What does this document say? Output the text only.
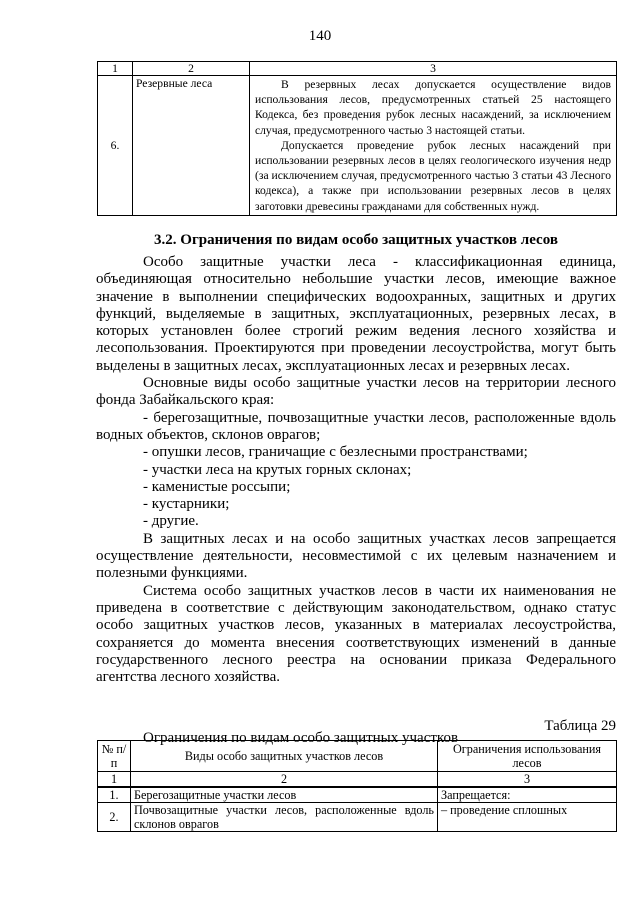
140
1	2	3
6.	Резервные леса	В резервных лесах допускается осуществление видов использования лесов, предусмотренных статьей 25 настоящего Кодекса, без проведения рубок лесных насаждений, за исключением случая, предусмотренного частью 3 настоящей статьи.

Допускается проведение рубок лесных насаждений при использовании резервных лесов в целях геологического изучения недр (за исключением случая, предусмотренного частью 3 статьи 43 Лесного кодекса), а также при использовании резервных лесов в целях заготовки древесины гражданами для собственных нужд.

3.2. Ограничения по видам особо защитных участков лесов

Особо защитные участки леса - классификационная единица, объединяющая относительно небольшие участки лесов, имеющие важное значение в выполнении специфических водоохранных, защитных и других функций, выделяемые в защитных, эксплуатационных, резервных лесах, в которых установлен более строгий режим ведения лесного хозяйства и лесопользования. Проектируются при проведении лесоустройства, могут быть выделены в защитных лесах, эксплуатационных лесах и резервных лесах.

Основные виды особо защитные участки лесов на территории лесного фонда Забайкальского края:

- берегозащитные, почвозащитные участки лесов, расположенные вдоль водных объектов, склонов оврагов;

- опушки лесов, граничащие с безлесными пространствами;

- участки леса на крутых горных склонах;

- каменистые россыпи;

- кустарники;

- другие.

В защитных лесах и на особо защитных участках лесов запрещается осуществление деятельности, несовместимой с их целевым назначением и полезными функциями.

Система особо защитных участков лесов в части их наименования не приведена в соответствие с действующим законодательством, однако статус особо защитных участков лесов, указанных в материалах лесоустройства, сохраняется до момента внесения соответствующих изменений в данные государственного лесного реестра на основании приказа Федерального агентства лесного хозяйства.

Таблица 29
Ограничения по видам особо защитных участков
№ п/п	Виды особо защитных участков лесов	Ограничения использования лесов
1	2	3
1.	Берегозащитные участки лесов	Запрещается:
2.	Почвозащитные участки лесов, расположенные вдоль склонов оврагов	– проведение сплошных
